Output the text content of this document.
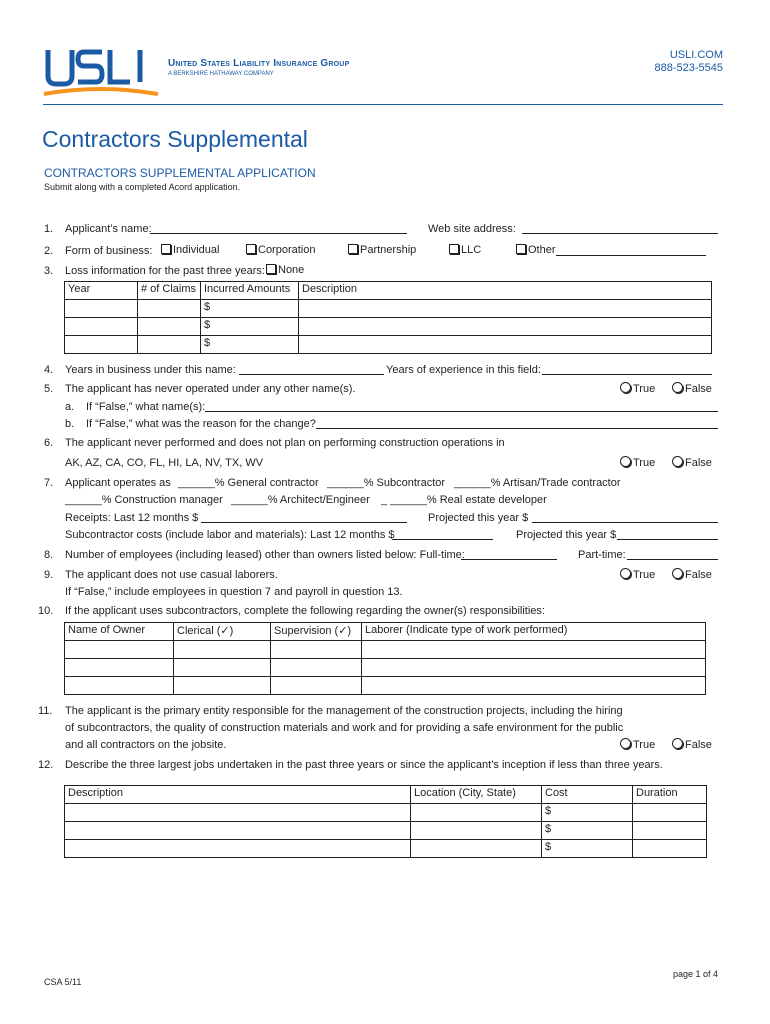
USLI
United States Liability Insurance Group
A BERKSHIRE HATHAWAY COMPANY
USLI.COM
888-523-5545
Contractors Supplemental
CONTRACTORS SUPPLEMENTAL APPLICATION
Submit along with a completed Acord application.
1. Applicant’s name:	Web site address:
2. Form of business:	Individual	Corporation	Partnership	LLC	Other
3. Loss information for the past three years:	None
Year	# of Claims	Incurred Amounts	Description
		$	
		$	
		$	
4. Years in business under this name:	Years of experience in this field:
5. The applicant has never operated under any other name(s).	True	False
a. If “False,” what name(s):
b. If “False,” what was the reason for the change?
6. The applicant never performed and does not plan on performing construction operations in
AK, AZ, CA, CO, FL, HI, LA, NV, TX, WV	True	False
7. Applicant operates as ______% General contractor ______% Subcontractor ______% Artisan/Trade contractor
______% Construction manager ______% Architect/Engineer _ ______% Real estate developer
Receipts: Last 12 months $	Projected this year $
Subcontractor costs (include labor and materials): Last 12 months $	Projected this year $
8. Number of employees (including leased) other than owners listed below: Full-time:	Part-time:
9. The applicant does not use casual laborers.	True	False
If “False,” include employees in question 7 and payroll in question 13.
10. If the applicant uses subcontractors, complete the following regarding the owner(s) responsibilities:
Name of Owner	Clerical (✓)	Supervision (✓)	Laborer (Indicate type of work performed)

11. The applicant is the primary entity responsible for the management of the construction projects, including the hiring
of subcontractors, the quality of construction materials and work and for providing a safe environment for the public
and all contractors on the jobsite.	True	False
12. Describe the three largest jobs undertaken in the past three years or since the applicant’s inception if less than three years.
Description	Location (City, State)	Cost	Duration
		$	
		$	
		$	
page 1 of 4
CSA 5/11
